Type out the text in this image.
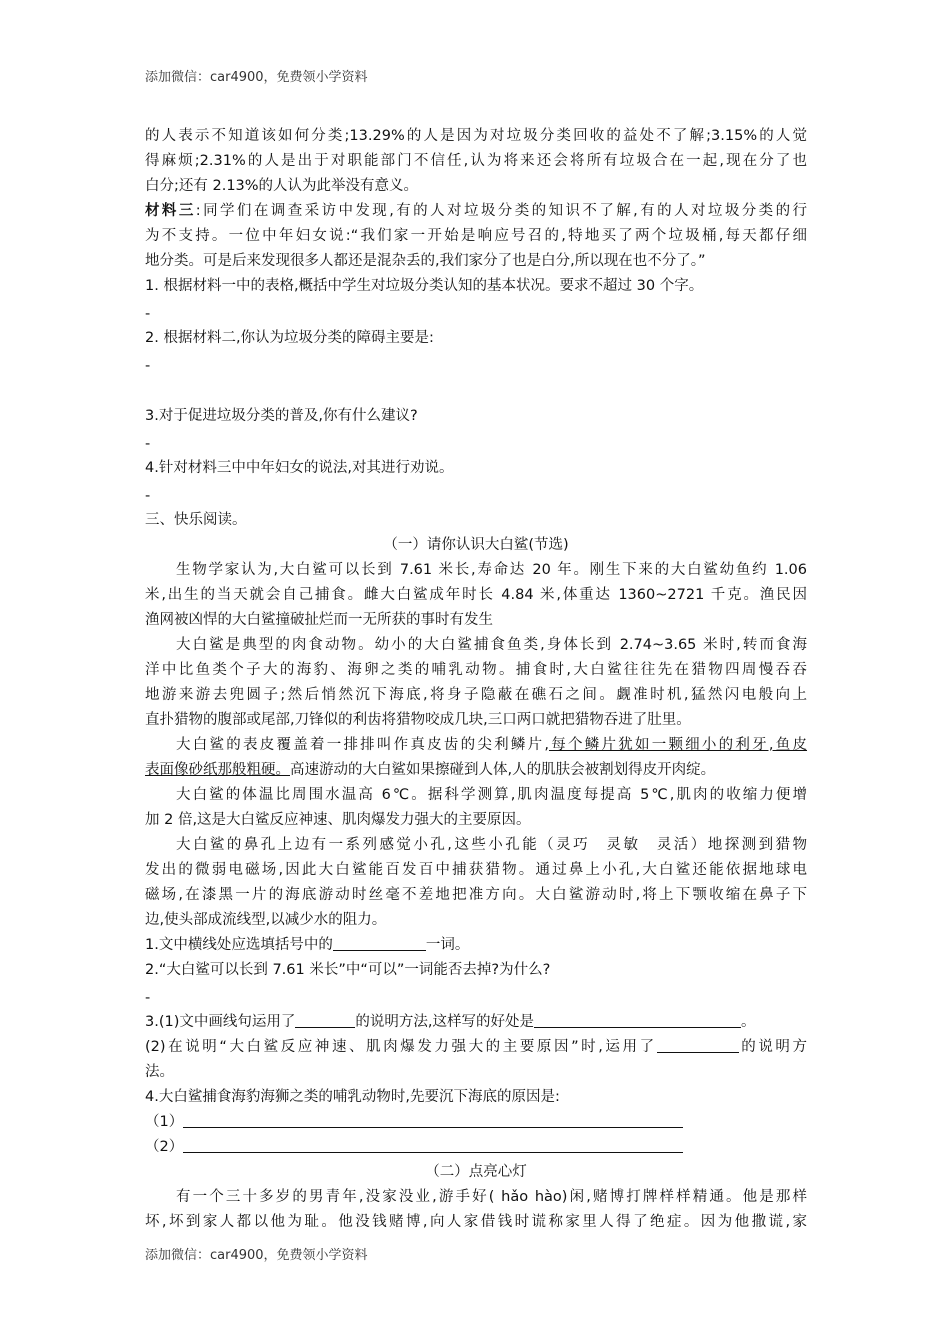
添加微信：car4900，免费领小学资料
的人表示不知道该如何分类;13.29%的人是因为对垃圾分类回收的益处不了解;3.15%的人觉
得麻烦;2.31%的人是出于对职能部门不信任,认为将来还会将所有垃圾合在一起,现在分了也
白分;还有 2.13%的人认为此举没有意义。
材料三:同学们在调查采访中发现,有的人对垃圾分类的知识不了解,有的人对垃圾分类的行
为不支持。一位中年妇女说:“我们家一开始是响应号召的,特地买了两个垃圾桶,每天都仔细
地分类。可是后来发现很多人都还是混杂丢的,我们家分了也是白分,所以现在也不分了。”
1. 根据材料一中的表格,概括中学生对垃圾分类认知的基本状况。要求不超过 30 个字。
-
2. 根据材料二,你认为垃圾分类的障碍主要是:
-
3.对于促进垃圾分类的普及,你有什么建议?
-
4.针对材料三中中年妇女的说法,对其进行劝说。
-
三、快乐阅读。
（一）请你认识大白鲨(节选)
生物学家认为,大白鲨可以长到 7.61 米长,寿命达 20 年。刚生下来的大白鲨幼鱼约 1.06
米,出生的当天就会自己捕食。雌大白鲨成年时长 4.84 米,体重达 1360~2721 千克。渔民因
渔网被凶悍的大白鲨撞破扯烂而一无所获的事时有发生
大白鲨是典型的肉食动物。幼小的大白鲨捕食鱼类,身体长到 2.74~3.65 米时,转而食海
洋中比鱼类个子大的海豹、海卵之类的哺乳动物。捕食时,大白鲨往往先在猎物四周慢吞吞
地游来游去兜圆子;然后悄然沉下海底,将身子隐蔽在礁石之间。觑准时机,猛然闪电般向上
直扑猎物的腹部或尾部,刀锋似的利齿将猎物咬成几块,三口两口就把猎物吞进了肚里。
大白鲨的表皮覆盖着一排排叫作真皮齿的尖利鳞片,每个鳞片犹如一颗细小的利牙,鱼皮
表面像砂纸那般粗硬。高速游动的大白鲨如果擦碰到人体,人的肌肤会被割划得皮开肉绽。
大白鲨的体温比周围水温高 6℃。据科学测算,肌肉温度每提高 5℃,肌肉的收缩力便增
加 2 倍,这是大白鲨反应神速、肌肉爆发力强大的主要原因。
大白鲨的鼻孔上边有一系列感觉小孔,这些小孔能（灵巧 灵敏 灵活）地探测到猎物
发出的微弱电磁场,因此大白鲨能百发百中捕获猎物。通过鼻上小孔,大白鲨还能依据地球电
磁场,在漆黑一片的海底游动时丝毫不差地把准方向。大白鲨游动时,将上下颚收缩在鼻子下
边,使头部成流线型,以减少水的阻力。
1.文中横线处应选填括号中的	一词。
2.“大白鲨可以长到 7.61 米长”中“可以”一词能否去掉?为什么?
-
3.(1)文中画线句运用了	的说明方法,这样写的好处是	。
(2)在说明“大白鲨反应神速、肌肉爆发力强大的主要原因”时,运用了	的说明方
法。
4.大白鲨捕食海豹海狮之类的哺乳动物时,先要沉下海底的原因是:
（1）
（2）
（二）点亮心灯
有一个三十多岁的男青年,没家没业,游手好( hǎo hào)闲,赌博打牌样样精通。他是那样
坏,坏到家人都以他为耻。他没钱赌博,向人家借钱时谎称家里人得了绝症。因为他撒谎,家
添加微信：car4900，免费领小学资料
